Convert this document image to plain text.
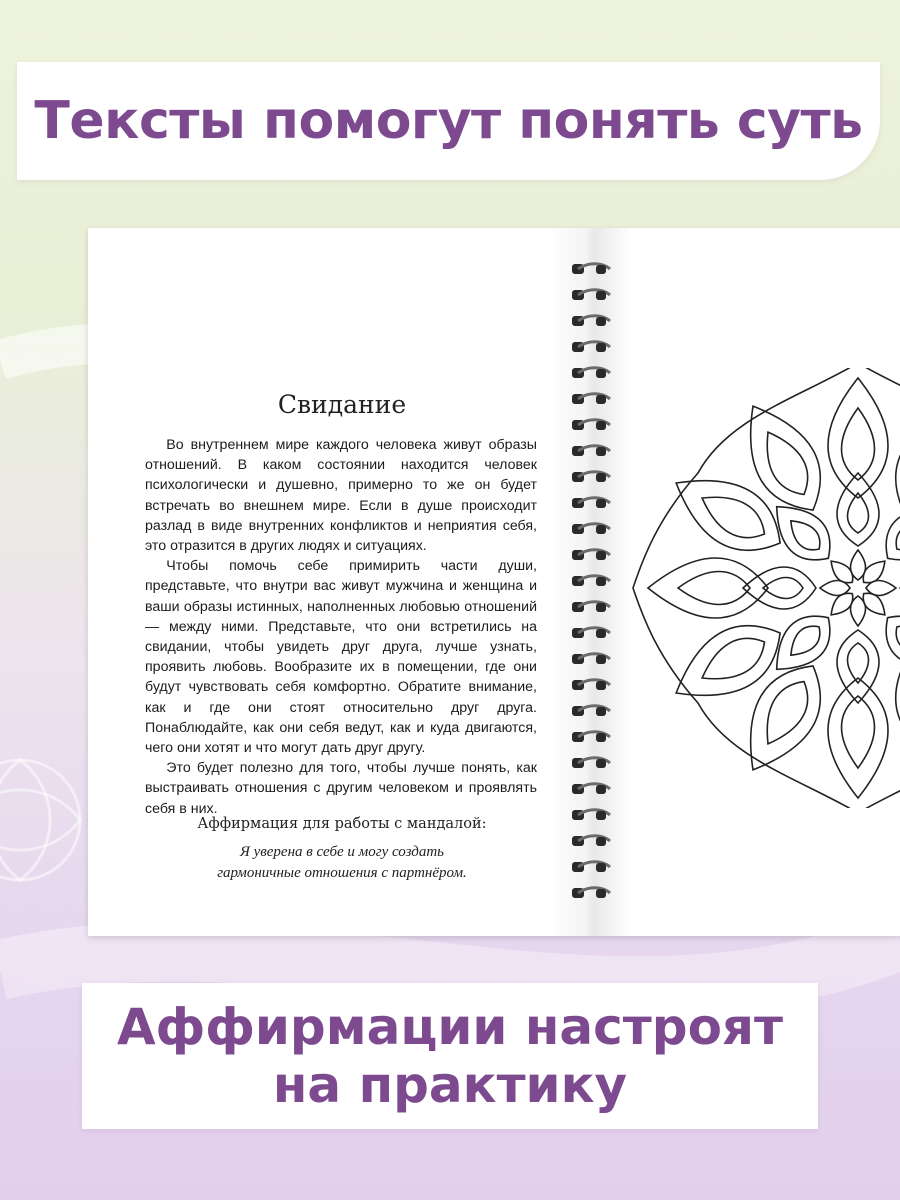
Тексты помогут понять суть
Свидание

Во внутреннем мире каждого человека живут образы отношений. В каком состоянии находится человек психологически и душевно, примерно то же он будет встречать во внешнем мире. Если в душе происходит разлад в виде внутренних конфликтов и неприятия себя, это отразится в других людях и ситуациях.

Чтобы помочь себе примирить части души, представьте, что внутри вас живут мужчина и женщина и ваши образы истинных, наполненных любовью отношений — между ними. Представьте, что они встретились на свидании, чтобы увидеть друг друга, лучше узнать, проявить любовь. Вообразите их в помещении, где они будут чувствовать себя комфортно. Обратите внимание, как и где они стоят относительно друг друга. Понаблюдайте, как они себя ведут, как и куда двигаются, чего они хотят и что могут дать друг другу.

Это будет полезно для того, чтобы лучше понять, как выстраивать отношения с другим человеком и проявлять себя в них.

Аффирмация для работы с мандалой:
Я уверена в себе и могу создать
гармоничные отношения с партнёром.
Аффирмации настроят
на практику
